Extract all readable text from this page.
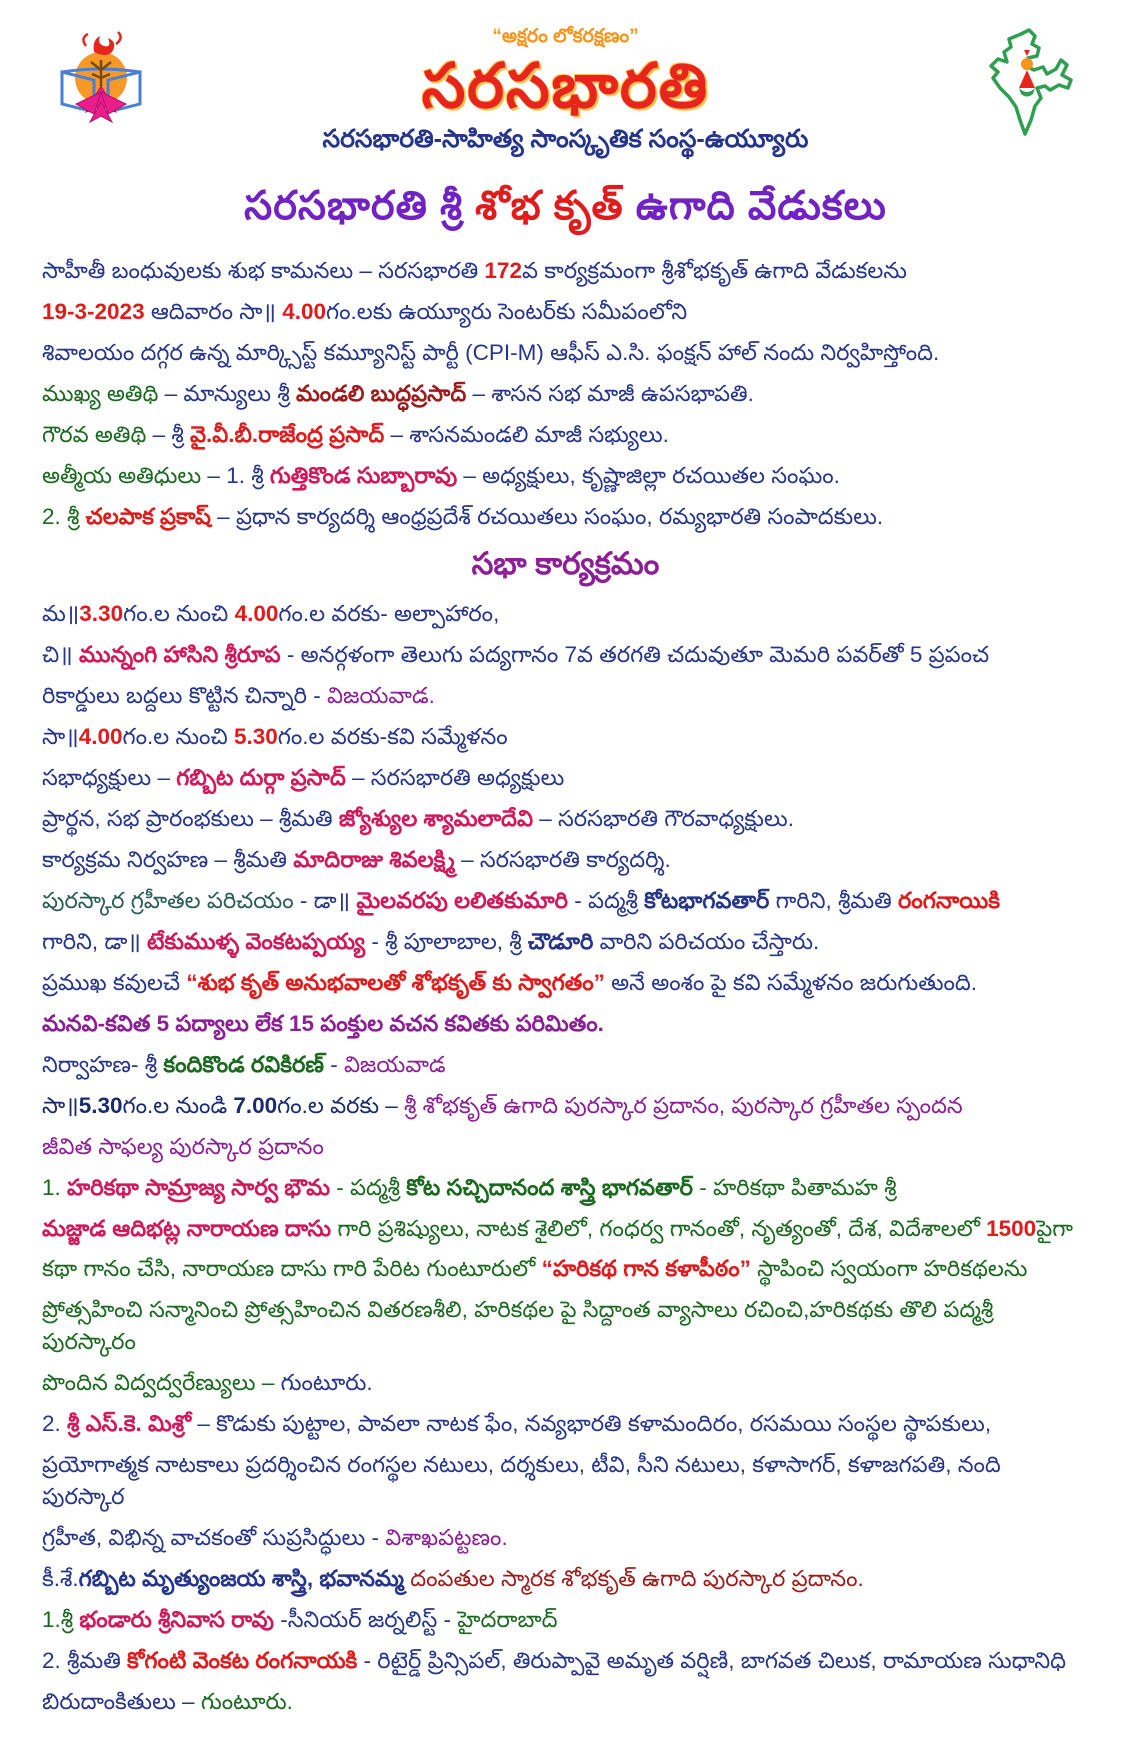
“అక్షరం లోకరక్షణం”
సరసభారతి
సరసభారతి-సాహిత్య సాంస్కృతిక సంస్థ-ఉయ్యూరు

సరసభారతి శ్రీ శోభ కృత్ ఉగాది వేడుకలు

సాహీతీ బంధువులకు శుభ కామనలు – సరసభారతి 172వ కార్యక్రమంగా శ్రీశోభకృత్ ఉగాది వేడుకలను

19-3-2023 ఆదివారం సా॥ 4.00గం.లకు ఉయ్యూరు సెంటర్‌కు సమీపంలోని

శివాలయం దగ్గర ఉన్న మార్క్సిస్ట్ కమ్యూనిస్ట్ పార్టీ (CPI-M) ఆఫీస్ ఎ.సి. ఫంక్షన్ హాల్ నందు నిర్వహిస్తోంది.

ముఖ్య అతిథి – మాన్యులు శ్రీ మండలి బుద్ధప్రసాద్ – శాసన సభ మాజీ ఉపసభాపతి.

గౌరవ అతిథి – శ్రీ వై.వీ.బీ.రాజేంద్ర ప్రసాద్ – శాసనమండలి మాజీ సభ్యులు.

అత్మీయ అతిధులు – 1. శ్రీ గుత్తికొండ సుబ్బారావు – అధ్యక్షులు, కృష్ణాజిల్లా రచయితల సంఘం.

2. శ్రీ చలపాక ప్రకాష్ – ప్రధాన కార్యదర్శి ఆంధ్రప్రదేశ్ రచయితలు సంఘం, రమ్యభారతి సంపాదకులు.

సభా కార్యక్రమం

మ॥3.30గం.ల నుంచి 4.00గం.ల వరకు- అల్పాహారం,

చి॥ మున్నంగి హాసిని శ్రీరూప - అనర్గళంగా తెలుగు పద్యగానం 7వ తరగతి చదువుతూ మెమరి పవర్‌తో 5 ప్రపంచ

రికార్డులు బద్దలు కొట్టిన చిన్నారి - విజయవాడ.

సా॥4.00గం.ల నుంచి 5.30గం.ల వరకు-కవి సమ్మేళనం

సభాధ్యక్షులు – గబ్బిట దుర్గా ప్రసాద్ – సరసభారతి అధ్యక్షులు

ప్రార్థన, సభ ప్రారంభకులు – శ్రీమతి జ్యోశ్యుల శ్యామలాదేవి – సరసభారతి గౌరవాధ్యక్షులు.

కార్యక్రమ నిర్వహణ – శ్రీమతి మాదిరాజు శివలక్ష్మి – సరసభారతి కార్యదర్శి.

పురస్కార గ్రహీతల పరిచయం - డా॥ మైలవరపు లలితకుమారి - పద్మశ్రీ కోటభాగవతార్ గారిని, శ్రీమతి రంగనాయికి

గారిని, డా॥ టేకుముళ్ళ వెంకటప్పయ్య - శ్రీ పూలాబాల, శ్రీ చౌడూరి వారిని పరిచయం చేస్తారు.

ప్రముఖ కవులచే “శుభ కృత్ అనుభవాలతో శోభకృత్ కు స్వాగతం” అనే అంశం పై కవి సమ్మేళనం జరుగుతుంది.

మనవి-కవిత 5 పద్యాలు లేక 15 పంక్తుల వచన కవితకు పరిమితం.

నిర్వాహణ- శ్రీ కందికొండ రవికిరణ్ - విజయవాడ

సా॥5.30గం.ల నుండి 7.00గం.ల వరకు – శ్రీ శోభకృత్ ఉగాది పురస్కార ప్రదానం, పురస్కార గ్రహీతల స్పందన

జీవిత సాఫల్య పురస్కార ప్రదానం

1. హరికథా సామ్రాజ్య సార్వ భౌమ - పద్మశ్రీ కోట సచ్చిదానంద శాస్త్రి భాగవతార్ - హరికథా పితామహ శ్రీ

మజ్జాడ ఆదిభట్ల నారాయణ దాసు గారి ప్రశిష్యులు, నాటక శైలిలో, గంధర్వ గానంతో, నృత్యంతో, దేశ, విదేశాలలో 1500పైగా

కథా గానం చేసి, నారాయణ దాసు గారి పేరిట గుంటూరులో “హరికథ గాన కళాపీఠం” స్థాపించి స్వయంగా హరికథలను

ప్రోత్సహించి సన్మానించి ప్రోత్సహించిన వితరణశీలి, హరికథల పై సిద్దాంత వ్యాసాలు రచించి,హరికథకు తొలి పద్మశ్రీ పురస్కారం

పొందిన విద్వద్వరేణ్యులు – గుంటూరు.

2. శ్రీ ఎస్.కె. మిశ్రో – కొడుకు పుట్టాల, పావలా నాటక ఫేం, నవ్యభారతి కళామందిరం, రసమయి సంస్థల స్థాపకులు,

ప్రయోగాత్మక నాటకాలు ప్రదర్శించిన రంగస్థల నటులు, దర్శకులు, టీవి, సీని నటులు, కళాసాగర్, కళాజగపతి, నంది పురస్కార

గ్రహీత, విభిన్న వాచకంతో సుప్రసిద్ధులు - విశాఖపట్టణం.

కీ.శే.గబ్బిట మృత్యుంజయ శాస్త్రి, భవానమ్మ దంపతుల స్మారక శోభకృత్ ఉగాది పురస్కార ప్రదానం.

1.శ్రీ భండారు శ్రీనివాస రావు -సీనియర్ జర్నలిస్ట్ - హైదరాబాద్

2. శ్రీమతి కోగంటి వెంకట రంగనాయకి - రిటైర్డ్ ప్రిన్సిపల్, తిరుప్పావై అమృత వర్షిణి, బాగవత చిలుక, రామాయణ సుధానిధి

బిరుదాంకితులు – గుంటూరు.
